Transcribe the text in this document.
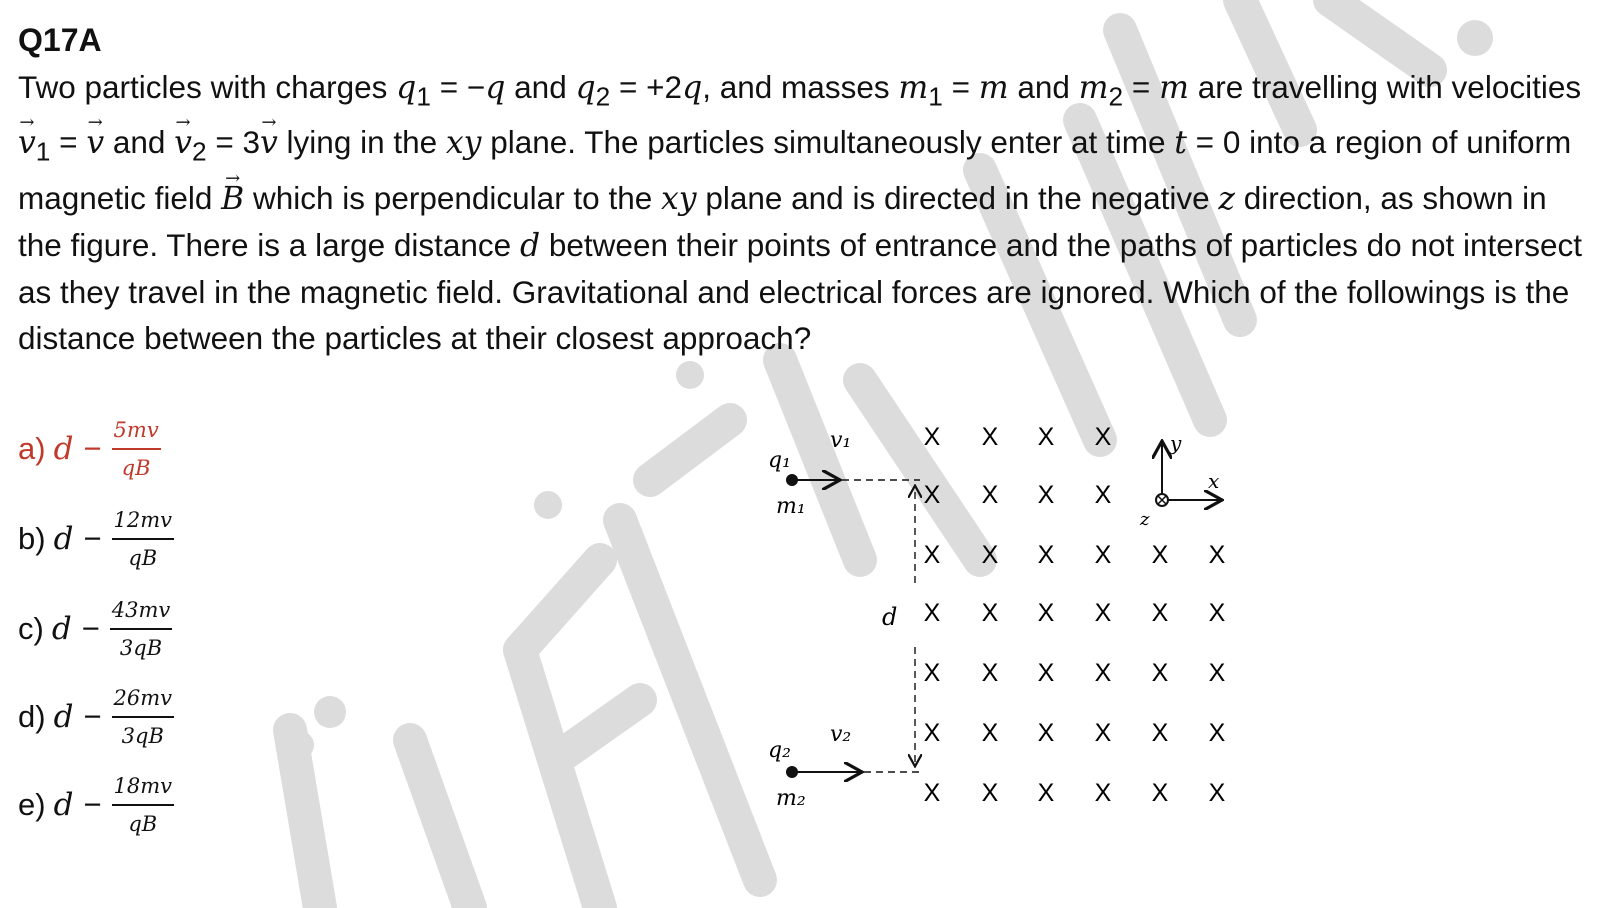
Q17A
Two particles with charges $q_1 = -q$ and $q_2 = +2q$, and masses $m_1 = m$ and $m_2 = m$ are travelling with velocities → $v_1$ = → v and → $v_2 = 3\to v$ lying in the xy plane. The particles simultaneously enter at time t = 0 into a region of uniform magnetic field → B which is perpendicular to the xy plane and is directed in the negative z direction, as shown in the figure. There is a large distance d between their points of entrance and the paths of particles do not intersect as they travel in the magnetic field. Gravitational and electrical forces are ignored. Which of the followings is the distance between the particles at their closest approach?
a) $d - \frac{5mv}{qB}$
b) $d - \frac{12mv}{qB}$
c) $d - \frac{43mv}{3qB}$
d) $d - \frac{26mv}{3qB}$
e) $d - \frac{18mv}{qB}$
y
x
z
q₁
m₁
v₁
q₂
m₂
v₂
d
X X X X
X X X X
X X X X X X
X X X X X X
X X X X X X
X X X X X X
X X X X X X
